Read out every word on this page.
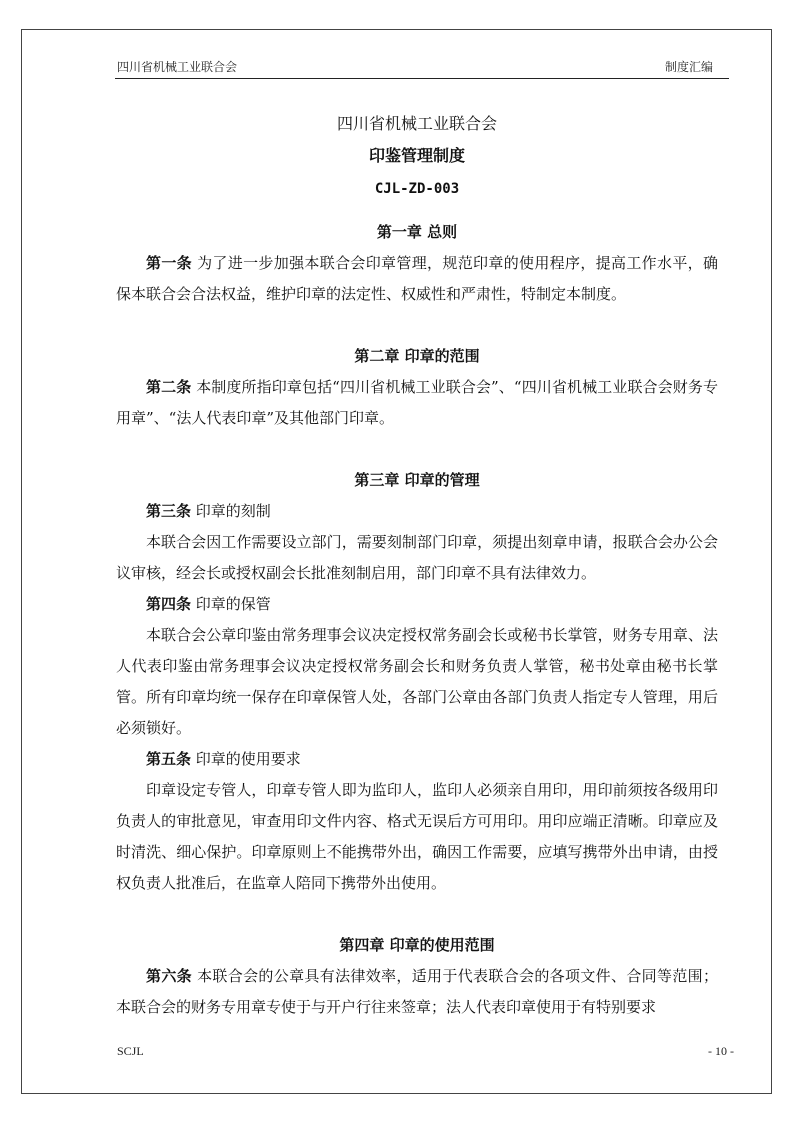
四川省机械工业联合会	制度汇编
四川省机械工业联合会
印鉴管理制度
CJL-ZD-003
第一章 总则

第一条 为了进一步加强本联合会印章管理，规范印章的使用程序，提高工作水平，确保本联合会合法权益，维护印章的法定性、权威性和严肃性，特制定本制度。

第二章 印章的范围

第二条 本制度所指印章包括“四川省机械工业联合会”、“四川省机械工业联合会财务专用章”、“法人代表印章”及其他部门印章。

第三章 印章的管理

第三条 印章的刻制

本联合会因工作需要设立部门，需要刻制部门印章，须提出刻章申请，报联合会办公会议审核，经会长或授权副会长批准刻制启用，部门印章不具有法律效力。

第四条 印章的保管

本联合会公章印鉴由常务理事会议决定授权常务副会长或秘书长掌管，财务专用章、法人代表印鉴由常务理事会议决定授权常务副会长和财务负责人掌管，秘书处章由秘书长掌管。所有印章均统一保存在印章保管人处，各部门公章由各部门负责人指定专人管理，用后必须锁好。

第五条 印章的使用要求

印章设定专管人，印章专管人即为监印人，监印人必须亲自用印，用印前须按各级用印负责人的审批意见，审查用印文件内容、格式无误后方可用印。用印应端正清晰。印章应及时清洗、细心保护。印章原则上不能携带外出，确因工作需要，应填写携带外出申请，由授权负责人批准后，在监章人陪同下携带外出使用。

第四章 印章的使用范围

第六条 本联合会的公章具有法律效率，适用于代表联合会的各项文件、合同等范围；本联合会的财务专用章专使于与开户行往来签章；法人代表印章使用于有特别要求

SCJL	- 10 -
